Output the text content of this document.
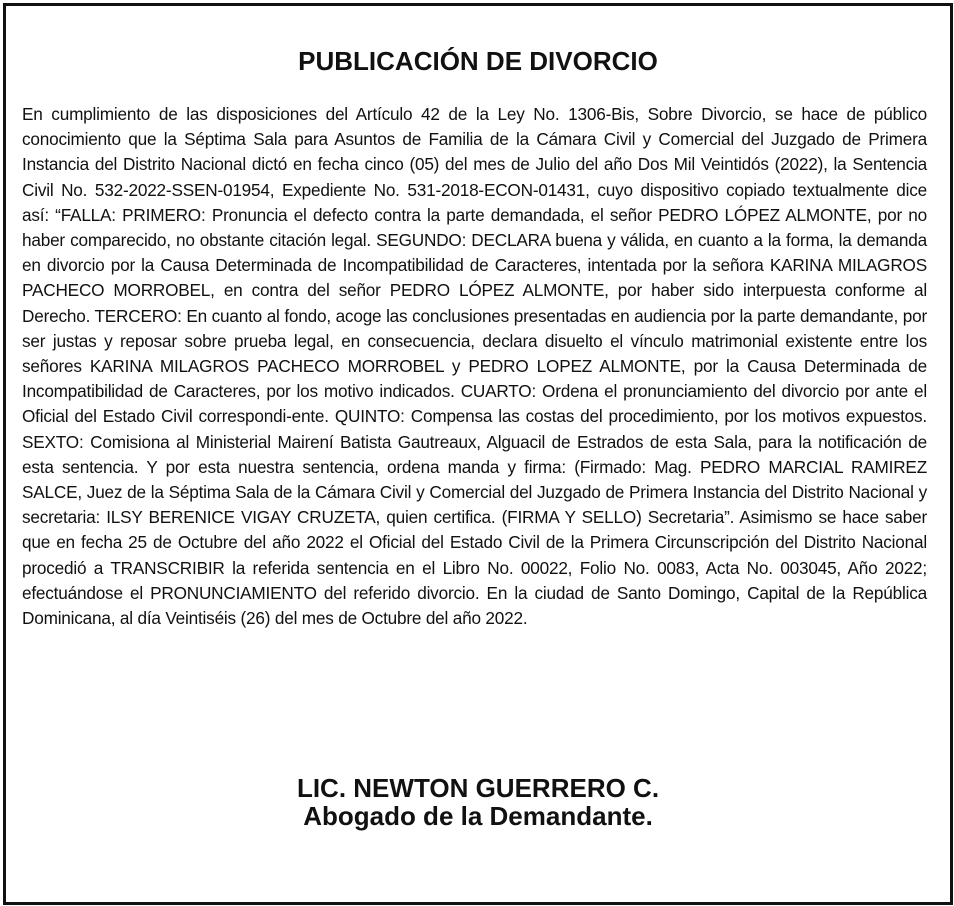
PUBLICACIÓN DE DIVORCIO

En cumplimiento de las disposiciones del Artículo 42 de la Ley No. 1306-Bis, Sobre Divorcio, se hace de público conocimiento que la Séptima Sala para Asuntos de Familia de la Cámara Civil y Comercial del Juzgado de Primera Instancia del Distrito Nacional dictó en fecha cinco (05) del mes de Julio del año Dos Mil Veintidós (2022), la Sentencia Civil No. 532-2022-SSEN-01954, Expediente No. 531-2018-ECON-01431, cuyo dispositivo copiado textualmente dice así: “FALLA: PRIMERO: Pronuncia el defecto contra la parte demandada, el señor PEDRO LÓPEZ ALMONTE, por no haber comparecido, no obstante citación legal. SEGUNDO: DECLARA buena y válida, en cuanto a la forma, la demanda en divorcio por la Causa Determinada de Incompatibilidad de Caracteres, intentada por la señora KARINA MILAGROS PACHECO MORROBEL, en contra del señor PEDRO LÓPEZ ALMONTE, por haber sido interpuesta conforme al Derecho. TERCERO: En cuanto al fondo, acoge las conclusiones presentadas en audiencia por la parte demandante, por ser justas y reposar sobre prueba legal, en consecuencia, declara disuelto el vínculo matrimonial existente entre los señores KARINA MILAGROS PACHECO MORROBEL y PEDRO LOPEZ ALMONTE, por la Causa Determinada de Incompatibilidad de Caracteres, por los motivo indicados. CUARTO: Ordena el pronunciamiento del divorcio por ante el Oficial del Estado Civil correspondi-ente. QUINTO: Compensa las costas del procedimiento, por los motivos expuestos. SEXTO: Comisiona al Ministerial Mairení Batista Gautreaux, Alguacil de Estrados de esta Sala, para la notificación de esta sentencia. Y por esta nuestra sentencia, ordena manda y firma: (Firmado: Mag. PEDRO MARCIAL RAMIREZ SALCE, Juez de la Séptima Sala de la Cámara Civil y Comercial del Juzgado de Primera Instancia del Distrito Nacional y secretaria: ILSY BERENICE VIGAY CRUZETA, quien certifica. (FIRMA Y SELLO) Secretaria”. Asimismo se hace saber que en fecha 25 de Octubre del año 2022 el Oficial del Estado Civil de la Primera Circunscripción del Distrito Nacional procedió a TRANSCRIBIR la referida sentencia en el Libro No. 00022, Folio No. 0083, Acta No. 003045, Año 2022; efectuándose el PRONUNCIAMIENTO del referido divorcio. En la ciudad de Santo Domingo, Capital de la República Dominicana, al día Veintiséis (26) del mes de Octubre del año 2022.

LIC. NEWTON GUERRERO C.

Abogado de la Demandante.
